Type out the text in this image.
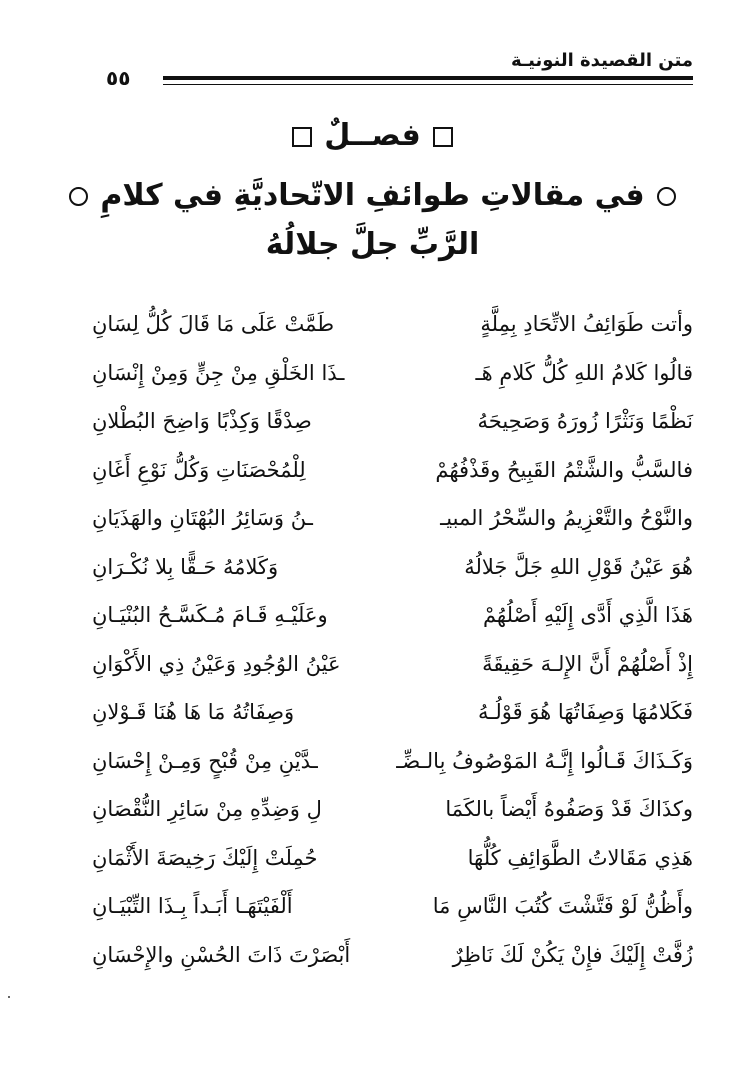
متن القصيدة النونيـة
٥٥
فصــلٌ
في مقالاتِ طوائفِ الاتّحاديَّةِ في كلامِ
الرَّبِّ جلَّ جلالُهُ
وأتت طَوَائِفُ الاتِّحَادِ بِمِلَّةٍ
طَمَّتْ عَلَى مَا قَالَ كُلُّ لِسَانِ
قالُوا كَلامُ اللهِ كُلُّ كَلامِ هَـ
ـذَا الخَلْقِ مِنْ جِنٍّ وَمِنْ إِنْسَانِ
نَظْمًا وَنَثْرًا زُورَهُ وَصَحِيحَهُ
صِدْقًا وَكِذْبًا وَاضِحَ البُطْلانِ
فالسَّبُّ والشَّتْمُ القَبِيحُ وقَذْفُهُمْ
لِلْمُحْصَنَاتِ وَكُلُّ نَوْعِ أَغَانِ
والنَّوْحُ والتَّعْزِيمُ والسِّحْرُ المبيـ
ـنُ وَسَائِرُ البُهْتَانِ والهَذَيَانِ
هُوَ عَيْنُ قَوْلِ اللهِ جَلَّ جَلالُهُ
وَكَلامُهُ حَـقًّا بِلا نُكْـرَانِ
هَذَا الَّذِي أَدَّى إِلَيْهِ أَصْلُهُمْ
وعَلَيْـهِ قَـامَ مُـكَسَّـحُ البُنْيَـانِ
إِذْ أَصْلُهُمْ أَنَّ الإِلـهَ حَقِيقَةً
عَيْنُ الوُجُودِ وَعَيْنُ ذِي الأَكْوَانِ
فَكَلامُهَا وَصِفَاتُهَا هُوَ قَوْلُـهُ
وَصِفَاتُهُ مَا هَا هُنَا قَـوْلانِ
وَكَـذَاكَ قَـالُوا إِنَّـهُ المَوْصُوفُ بِالـضِّـ
ـدَّيْنِ مِنْ قُبْحٍ وَمِـنْ إِحْسَانِ
وكذَاكَ قَدْ وَصَفُوهُ أَيْضاً بالكَمَا
لِ وَضِدِّهِ مِنْ سَائِرِ النُّقْصَانِ
هَذِي مَقَالاتُ الطَّوَائِفِ كُلُّهَا
حُمِلَتْ إِلَيْكَ رَخِيصَةَ الأَثْمَانِ
وأَظُنُّ لَوْ فَتَّشْتَ كُتُبَ النَّاسِ مَا
أَلْفَيْتَهَـا أَبَـداً بِـذَا التِّبْيَـانِ
زُفَّتْ إِلَيْكَ فإِنْ يَكُنْ لَكَ نَاظِرٌ
أَبْصَرْتَ ذَاتَ الحُسْنِ والإِحْسَانِ
